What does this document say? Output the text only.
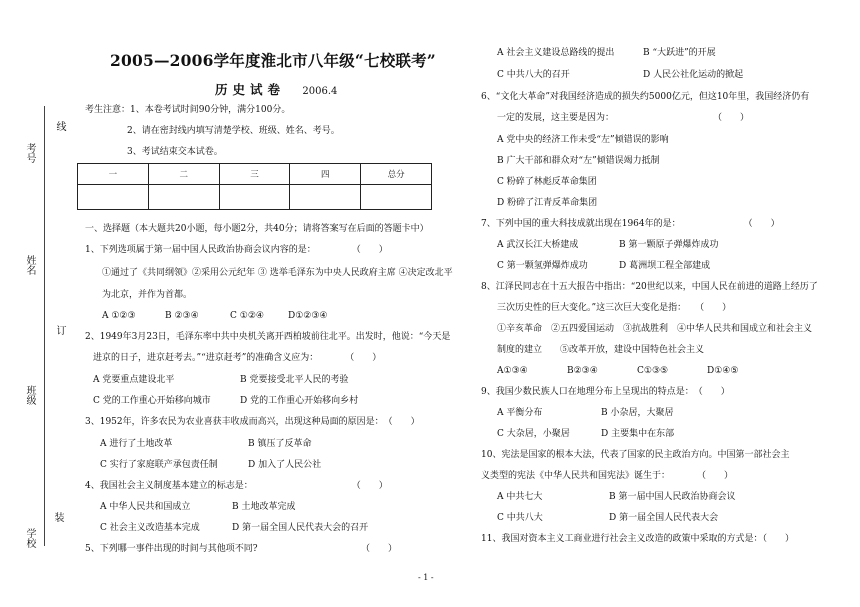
线
考号
姓名
订
班级
学校
装
2005—2006学年度淮北市八年级“七校联考”
历史试卷 2006.4
考生注意：1、本卷考试时间90分钟，满分100分。
2、请在密封线内填写清楚学校、班级、姓名、考号。
3、考试结束交本试卷。
一	二	三	四	总分

一、选择题（本大题共20小题，每小题2分，共40分；请将答案写在后面的答题卡中）
1、下列选项属于第一届中国人民政治协商会议内容的是：　　　　　（　　）
①通过了《共同纲领》②采用公元纪年 ③ 选举毛泽东为中央人民政府主席 ④决定改北平
为北京，并作为首都。
A ①②③	B ②③④	C ①②④	D①②③④
2、1949年3月23日，毛泽东率中共中央机关离开西柏坡前往北平。出发时，他说：“今天是
进京的日子，进京赶考去。”“进京赶考”的准确含义应为：　　　　（　　）
A 党要重点建设北平	B 党要接受北平人民的考验
C 党的工作重心开始移向城市	D 党的工作重心开始移向乡村
3、1952年，许多农民为农业喜获丰收成而高兴，出现这种局面的原因是：　（　　）
A 进行了土地改革	B 镇压了反革命
C 实行了家庭联产承包责任制	D 加入了人民公社
4、我国社会主义制度基本建立的标志是：　　　　　　　　　　　　（　　）
A 中华人民共和国成立	B 土地改革完成
C 社会主义改造基本完成	D 第一届全国人民代表大会的召开
5、下列哪一事件出现的时间与其他项不同?　　　　　　　　　　　　（　　）
A 社会主义建设总路线的提出	B “大跃进”的开展
C 中共八大的召开	D 人民公社化运动的掀起
6、“文化大革命”对我国经济造成的损失约5000亿元，但这10年里，我国经济仍有
一定的发展，这主要是因为：　　　　　　　　　　　　（　　）
A 党中央的经济工作未受“左”倾错误的影响
B 广大干部和群众对“左”倾错误竭力抵制
C 粉碎了林彪反革命集团
D 粉碎了江青反革命集团
7、下列中国的重大科技成就出现在1964年的是：　　　　　　　　（　　）
A 武汉长江大桥建成	B 第一颗原子弹爆炸成功
C 第一颗氢弹爆炸成功	D 葛洲坝工程全部建成
8、江泽民同志在十五大报告中指出：“20世纪以来，中国人民在前进的道路上经历了
三次历史性的巨大变化。”这三次巨大变化是指：　　（　　）
①辛亥革命　②五四爱国运动　③抗战胜利　④中华人民共和国成立和社会主义
制度的建立　　⑤改革开放，建设中国特色社会主义
A①③④	B②③④	C①③⑤	D①④⑤
9、我国少数民族人口在地理分布上呈现出的特点是：　（　　）
A 平衡分布	B 小杂居，大聚居
C 大杂居，小聚居	D 主要集中在东部
10、宪法是国家的根本大法，代表了国家的民主政治方向。中国第一部社会主
义类型的宪法《中华人民共和国宪法》诞生于：　　　　（　　）
A 中共七大	B 第一届中国人民政治协商会议
C 中共八大	D 第一届全国人民代表大会
11、我国对资本主义工商业进行社会主义改造的政策中采取的方式是：（　　）
- 1 -
